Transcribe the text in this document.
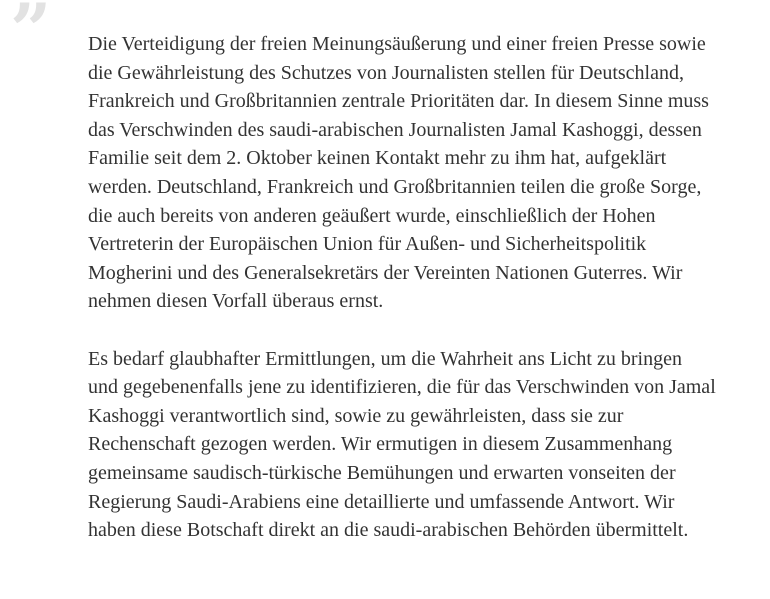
” Die Verteidigung der freien Meinungsäußerung und einer freien Presse sowie
die Gewährleistung des Schutzes von Journalisten stellen für Deutschland,
Frankreich und Großbritannien zentrale Prioritäten dar. In diesem Sinne muss
das Verschwinden des saudi-arabischen Journalisten Jamal Kashoggi, dessen
Familie seit dem 2. Oktober keinen Kontakt mehr zu ihm hat, aufgeklärt
werden. Deutschland, Frankreich und Großbritannien teilen die große Sorge,
die auch bereits von anderen geäußert wurde, einschließlich der Hohen
Vertreterin der Europäischen Union für Außen- und Sicherheitspolitik
Mogherini und des Generalsekretärs der Vereinten Nationen Guterres. Wir
nehmen diesen Vorfall überaus ernst.

Es bedarf glaubhafter Ermittlungen, um die Wahrheit ans Licht zu bringen
und gegebenenfalls jene zu identifizieren, die für das Verschwinden von Jamal
Kashoggi verantwortlich sind, sowie zu gewährleisten, dass sie zur
Rechenschaft gezogen werden. Wir ermutigen in diesem Zusammenhang
gemeinsame saudisch-türkische Bemühungen und erwarten vonseiten der
Regierung Saudi-Arabiens eine detaillierte und umfassende Antwort. Wir
haben diese Botschaft direkt an die saudi-arabischen Behörden übermittelt.
